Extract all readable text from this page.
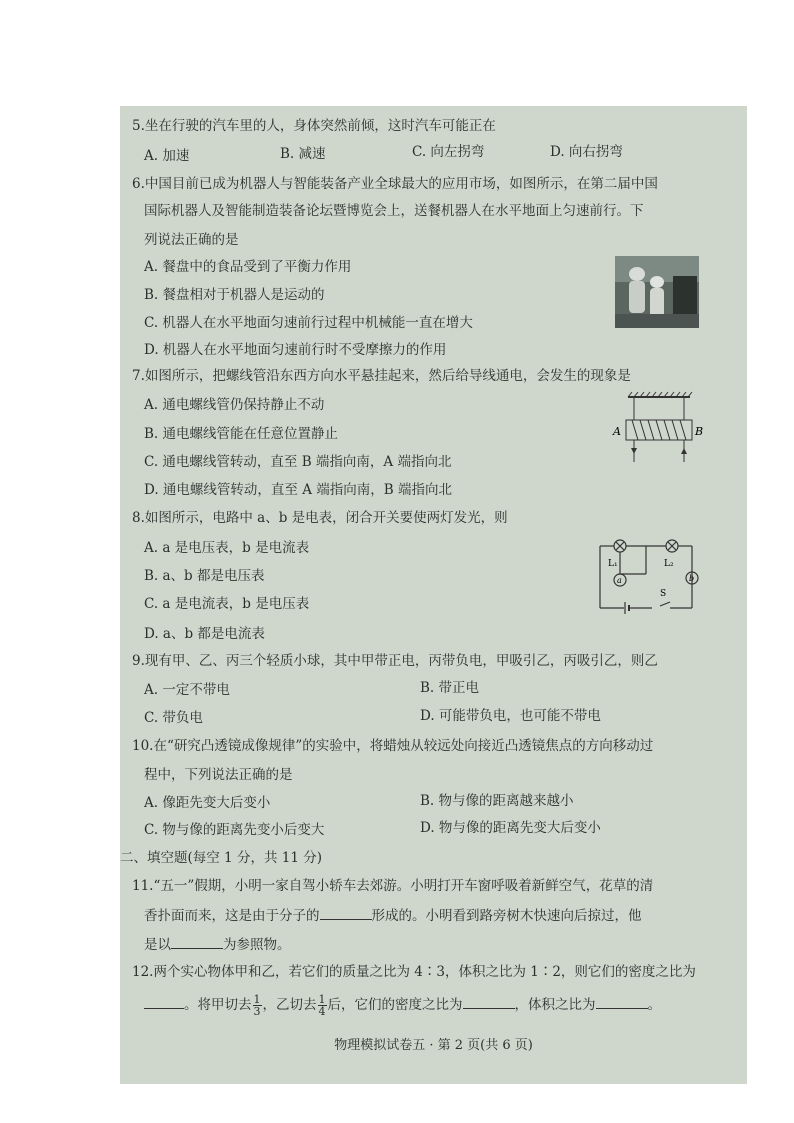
5.坐在行驶的汽车里的人，身体突然前倾，这时汽车可能正在
A. 加速	B. 减速	C. 向左拐弯	D. 向右拐弯
6.中国目前已成为机器人与智能装备产业全球最大的应用市场，如图所示，在第二届中国
国际机器人及智能制造装备论坛暨博览会上，送餐机器人在水平地面上匀速前行。下
列说法正确的是
A. 餐盘中的食品受到了平衡力作用
B. 餐盘相对于机器人是运动的
C. 机器人在水平地面匀速前行过程中机械能一直在增大
D. 机器人在水平地面匀速前行时不受摩擦力的作用
7.如图所示，把螺线管沿东西方向水平悬挂起来，然后给导线通电，会发生的现象是
A. 通电螺线管仍保持静止不动
B. 通电螺线管能在任意位置静止
C. 通电螺线管转动，直至 B 端指向南，A 端指向北
D. 通电螺线管转动，直至 A 端指向南，B 端指向北
A	B
8.如图所示，电路中 a、b 是电表，闭合开关要使两灯发光，则
A. a 是电压表，b 是电流表
B. a、b 都是电压表
C. a 是电流表，b 是电压表
D. a、b 都是电流表
L₁	L₂
a	b
S
9.现有甲、乙、丙三个轻质小球，其中甲带正电，丙带负电，甲吸引乙，丙吸引乙，则乙
A. 一定不带电	B. 带正电
C. 带负电	D. 可能带负电，也可能不带电
10.在“研究凸透镜成像规律”的实验中，将蜡烛从较远处向接近凸透镜焦点的方向移动过
程中，下列说法正确的是
A. 像距先变大后变小	B. 物与像的距离越来越小
C. 物与像的距离先变小后变大	D. 物与像的距离先变大后变小
二、填空题(每空 1 分，共 11 分)
11.“五一”假期，小明一家自驾小轿车去郊游。小明打开车窗呼吸着新鲜空气，花草的清
香扑面而来，这是由于分子的	形成的。小明看到路旁树木快速向后掠过，他
是以	为参照物。
12.两个实心物体甲和乙，若它们的质量之比为 4∶3，体积之比为 1∶2，则它们的密度之比为
。将甲切去 $\frac{1}{3}$ ，乙切去 $\frac{1}{4}$ 后，它们的密度之比为	，体积之比为	。
物理模拟试卷五 · 第 2 页(共 6 页)
